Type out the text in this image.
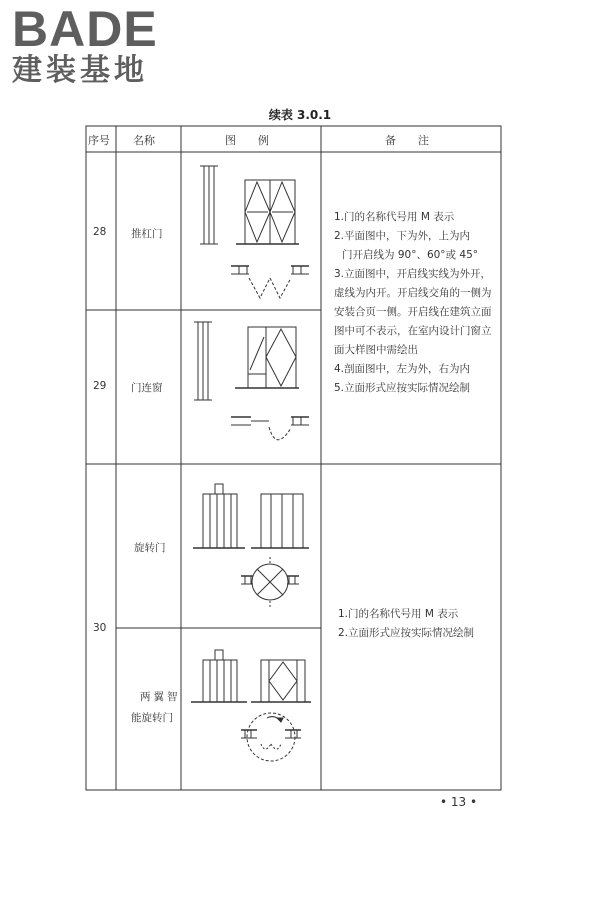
BADE
建装基地
续表 3.0.1
序号 名称	图　　例	备　　注
28 推杠门
29 门连窗
30
旋转门
两翼智
能旋转门
1.门的名称代号用 M 表示
2.平面图中，下为外，上为内
门开启线为 90°、60°或 45°
3.立面图中，开启线实线为外开，
虚线为内开。开启线交角的一侧为
安装合页一侧。开启线在建筑立面
图中可不表示，在室内设计门窗立
面大样图中需绘出
4.剖面图中，左为外，右为内
5.立面形式应按实际情况绘制
1.门的名称代号用 M 表示
2.立面形式应按实际情况绘制
• 13 •
